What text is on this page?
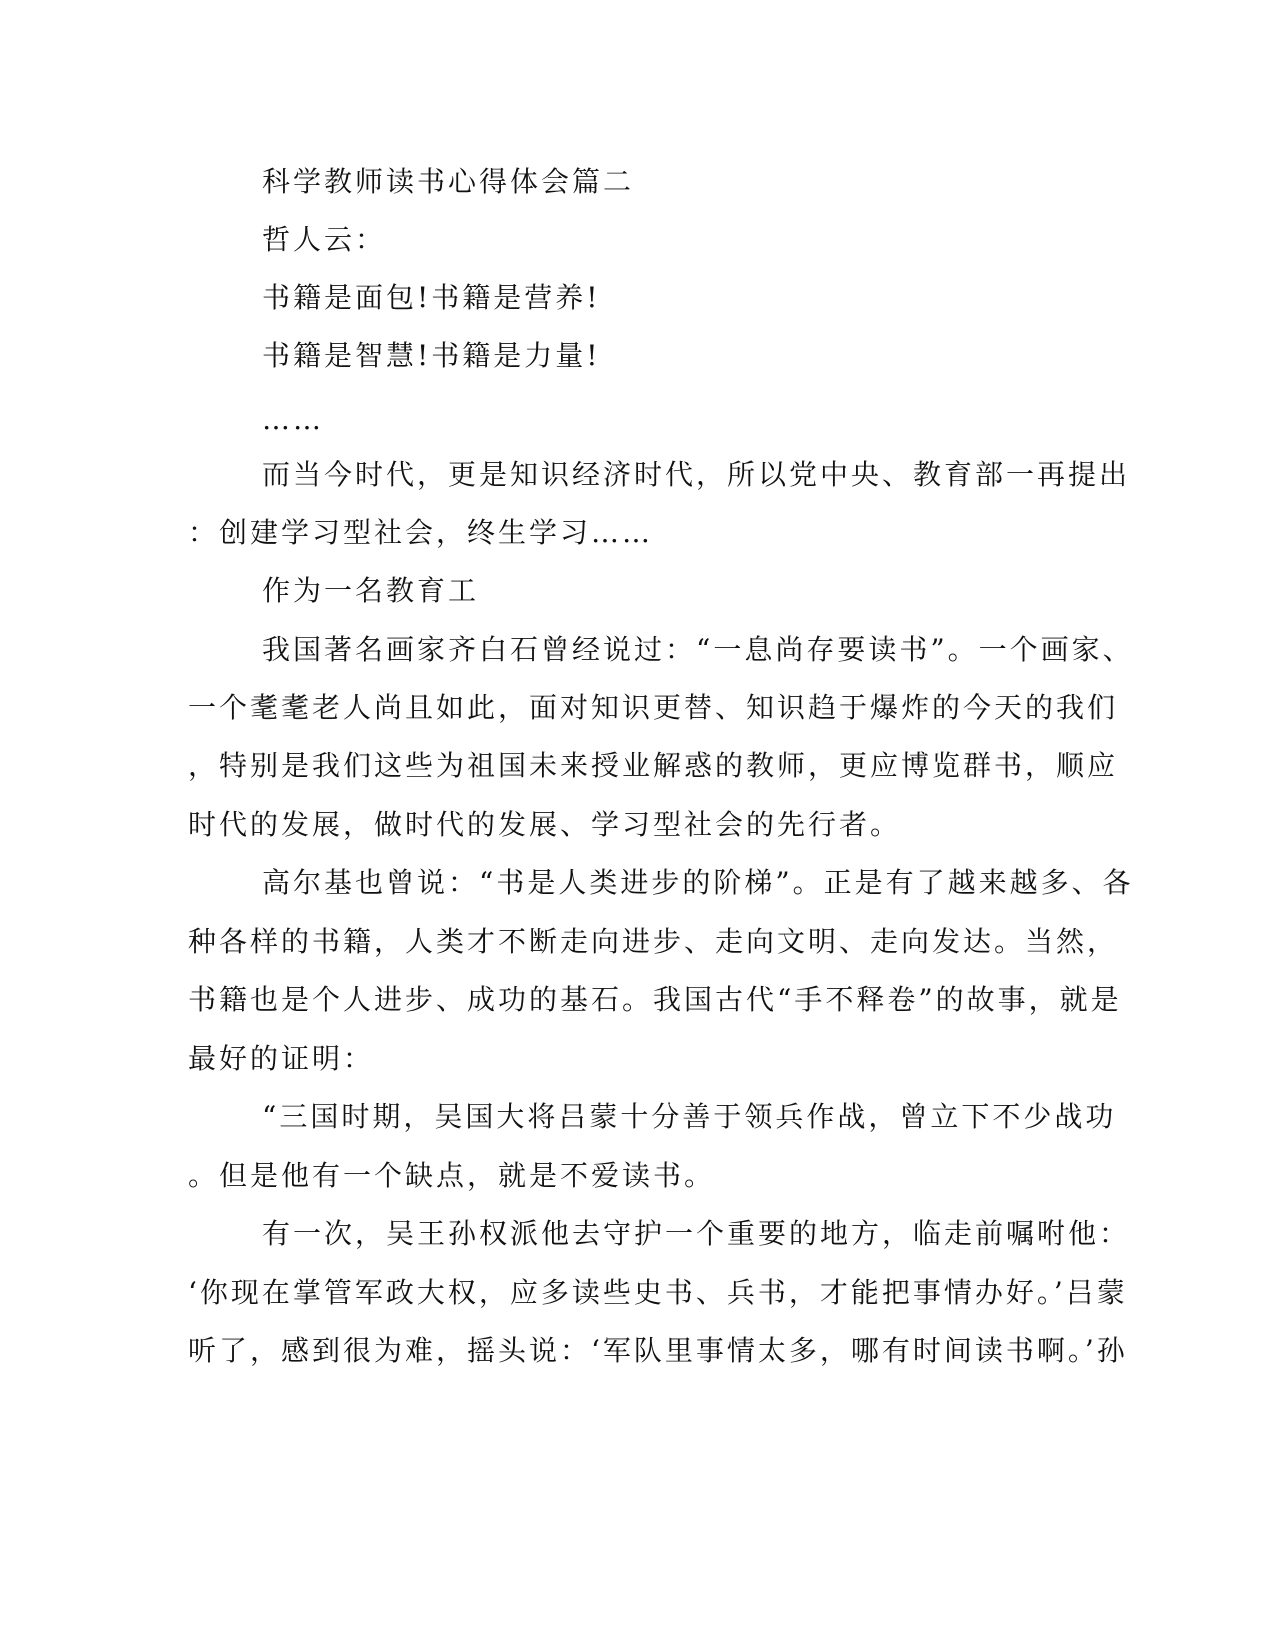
科学教师读书心得体会篇二
哲人云：
书籍是面包!书籍是营养!
书籍是智慧!书籍是力量!
……
而当今时代，更是知识经济时代，所以党中央、教育部一再提出
：创建学习型社会，终生学习……
作为一名教育工
我国著名画家齐白石曾经说过：“一息尚存要读书”。一个画家、
一个耄耄老人尚且如此，面对知识更替、知识趋于爆炸的今天的我们
，特别是我们这些为祖国未来授业解惑的教师，更应博览群书，顺应
时代的发展，做时代的发展、学习型社会的先行者。
高尔基也曾说：“书是人类进步的阶梯”。正是有了越来越多、各
种各样的书籍，人类才不断走向进步、走向文明、走向发达。当然，
书籍也是个人进步、成功的基石。我国古代“手不释卷”的故事，就是
最好的证明：
“三国时期，吴国大将吕蒙十分善于领兵作战，曾立下不少战功
。但是他有一个缺点，就是不爱读书。
有一次，吴王孙权派他去守护一个重要的地方，临走前嘱咐他：
‘你现在掌管军政大权，应多读些史书、兵书，才能把事情办好。’吕蒙
听了，感到很为难，摇头说：‘军队里事情太多，哪有时间读书啊。’孙
